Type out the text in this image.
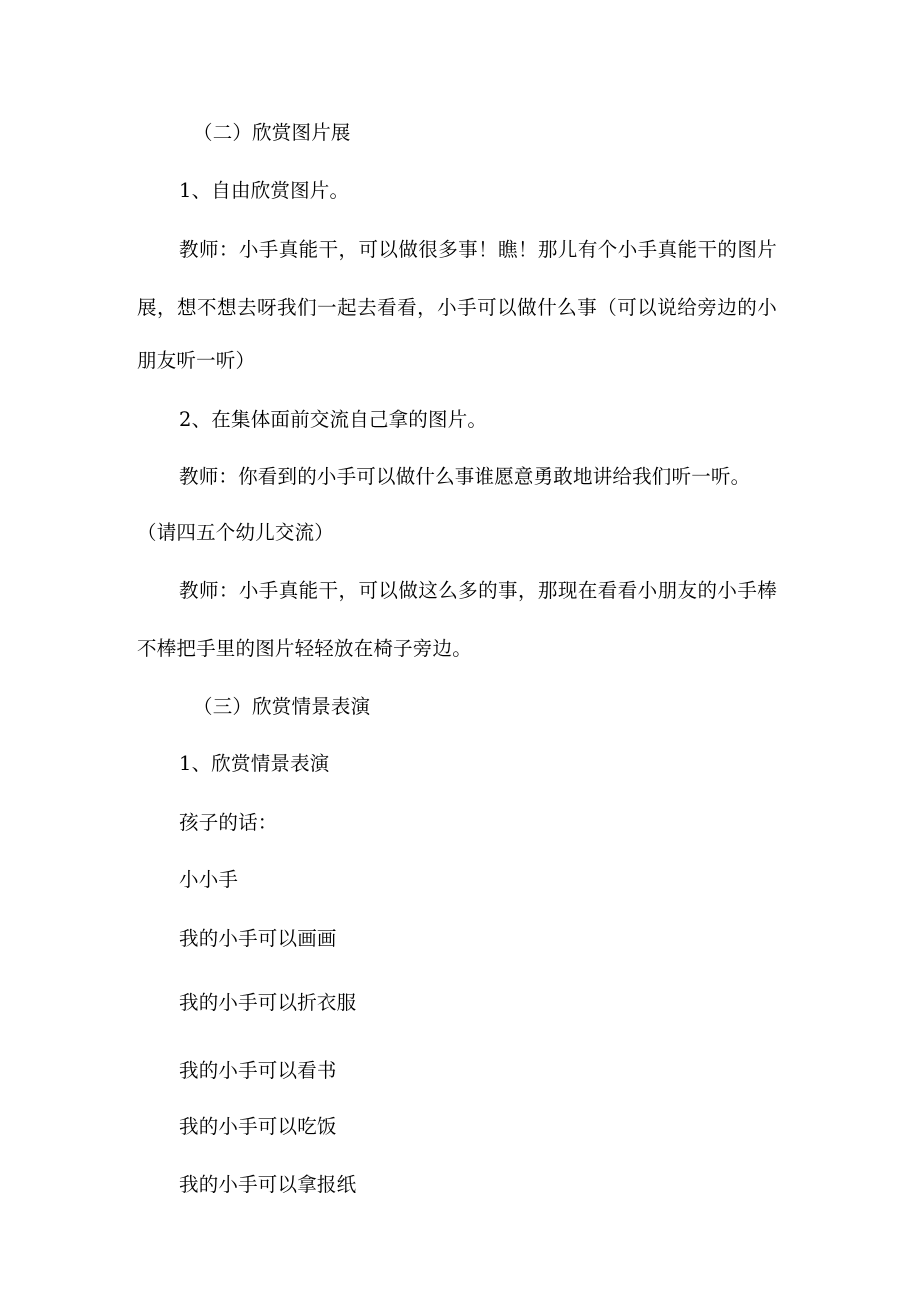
（二）欣赏图片展

1、自由欣赏图片。

教师：小手真能干，可以做很多事！瞧！那儿有个小手真能干的图片

展，想不想去呀我们一起去看看，小手可以做什么事（可以说给旁边的小

朋友听一听）

2、在集体面前交流自己拿的图片。

教师：你看到的小手可以做什么事谁愿意勇敢地讲给我们听一听。

（请四五个幼儿交流）

教师：小手真能干，可以做这么多的事，那现在看看小朋友的小手棒

不棒把手里的图片轻轻放在椅子旁边。

（三）欣赏情景表演

1、欣赏情景表演

孩子的话：

小小手

我的小手可以画画

我的小手可以折衣服

我的小手可以看书

我的小手可以吃饭

我的小手可以拿报纸
